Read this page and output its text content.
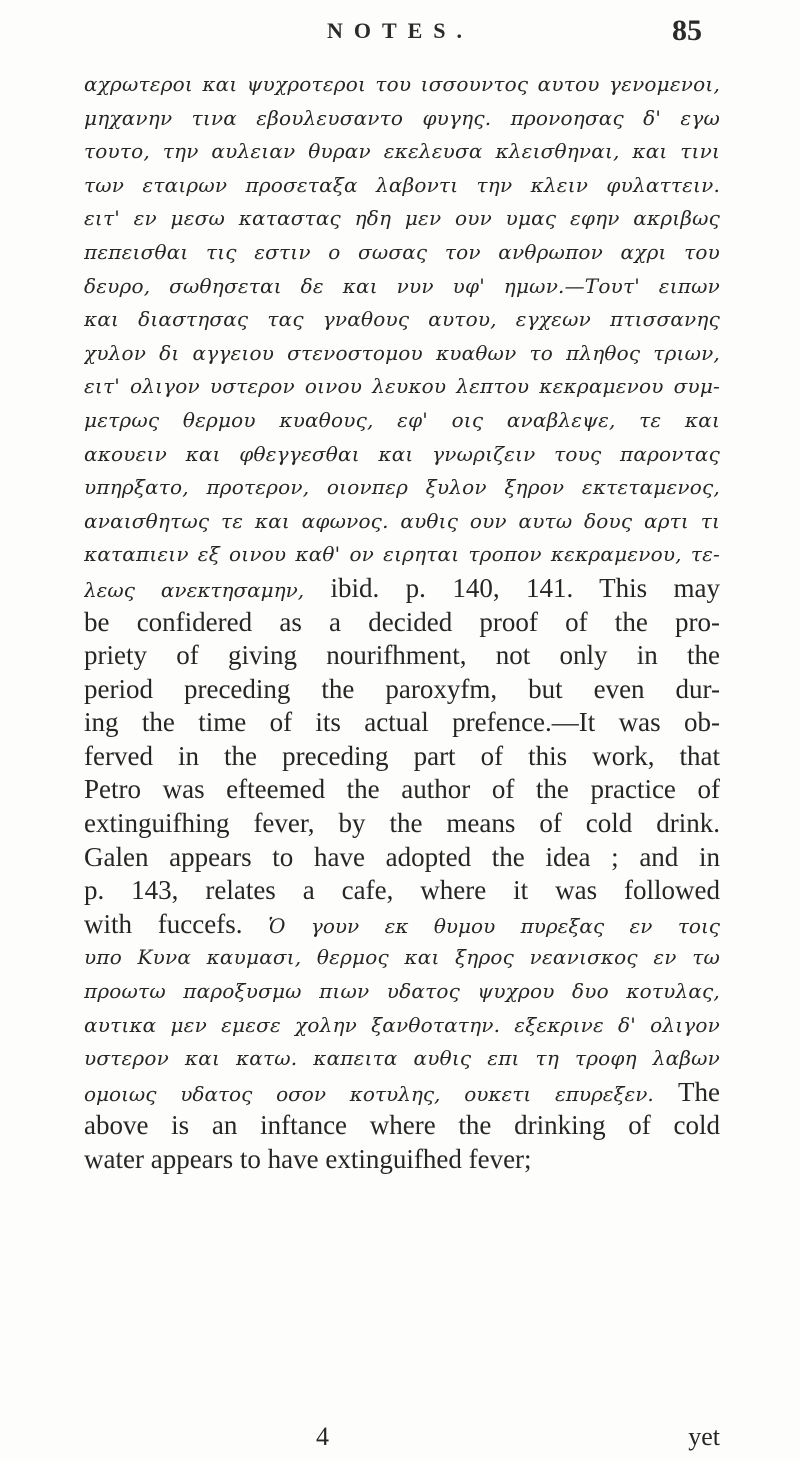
NOTES.	85
αχρωτεροι και ψυχροτεροι του ισσουντος αυτου γενομενοι,
μηχανην τινα εβουλευσαντο φυγης. προνοησας δ' εγω
τουτο, την αυλειαν θυραν εκελευσα κλεισθηναι, και τινι
των εταιρων προσεταξα λαβοντι την κλειν φυλαττειν.
ειτ' εν μεσω καταστας ηδη μεν ουν υμας εφην ακριβως
πεπεισθαι τις εστιν ο σωσας τον ανθρωπον αχρι του
δευρο, σωθησεται δε και νυν υφ' ημων.—Τουτ' ειπων
και διαστησας τας γναθους αυτου, εγχεων πτισσανης
χυλον δι αγγειου στενοστομου κυαθων το πληθος τριων,
ειτ' ολιγον υστερον οινου λευκου λεπτου κεκραμενου συμ-
μετρως θερμου κυαθους, εφ' οις αναβλεψε, τε και
ακουειν και φθεγγεσθαι και γνωριζειν τους παροντας
υπηρξατο, προτερον, οιονπερ ξυλον ξηρον εκτεταμενος,
αναισθητως τε και αφωνος. αυθις ουν αυτω δους αρτι τι
καταπιειν εξ οινου καθ' ον ειρηται τροπον κεκραμενου, τε-
λεως ανεκτησαμην, ibid. p. 140, 141. This may
be confidered as a decided proof of the pro-
priety of giving nourifhment, not only in the
period preceding the paroxyfm, but even dur-
ing the time of its actual prefence.—It was ob-
ferved in the preceding part of this work, that
Petro was efteemed the author of the practice of
extinguifhing fever, by the means of cold drink.
Galen appears to have adopted the idea ; and in
p. 143, relates a cafe, where it was followed
with fuccefs. Ὁ γουν εκ θυμου πυρεξας εν τοις
υπο Κυνα καυμασι, θερμος και ξηρος νεανισκος εν τω
προωτω παροξυσμω πιων υδατος ψυχρου δυο κοτυλας,
αυτικα μεν εμεσε χολην ξανθοτατην. εξεκρινε δ' ολιγον
υστερον και κατω. καπειτα αυθις επι τη τροφη λαβων
ομοιως υδατος οσον κοτυλης, ουκετι επυρεξεν. The
above is an inftance where the drinking of cold
water appears to have extinguifhed fever;
4	yet
